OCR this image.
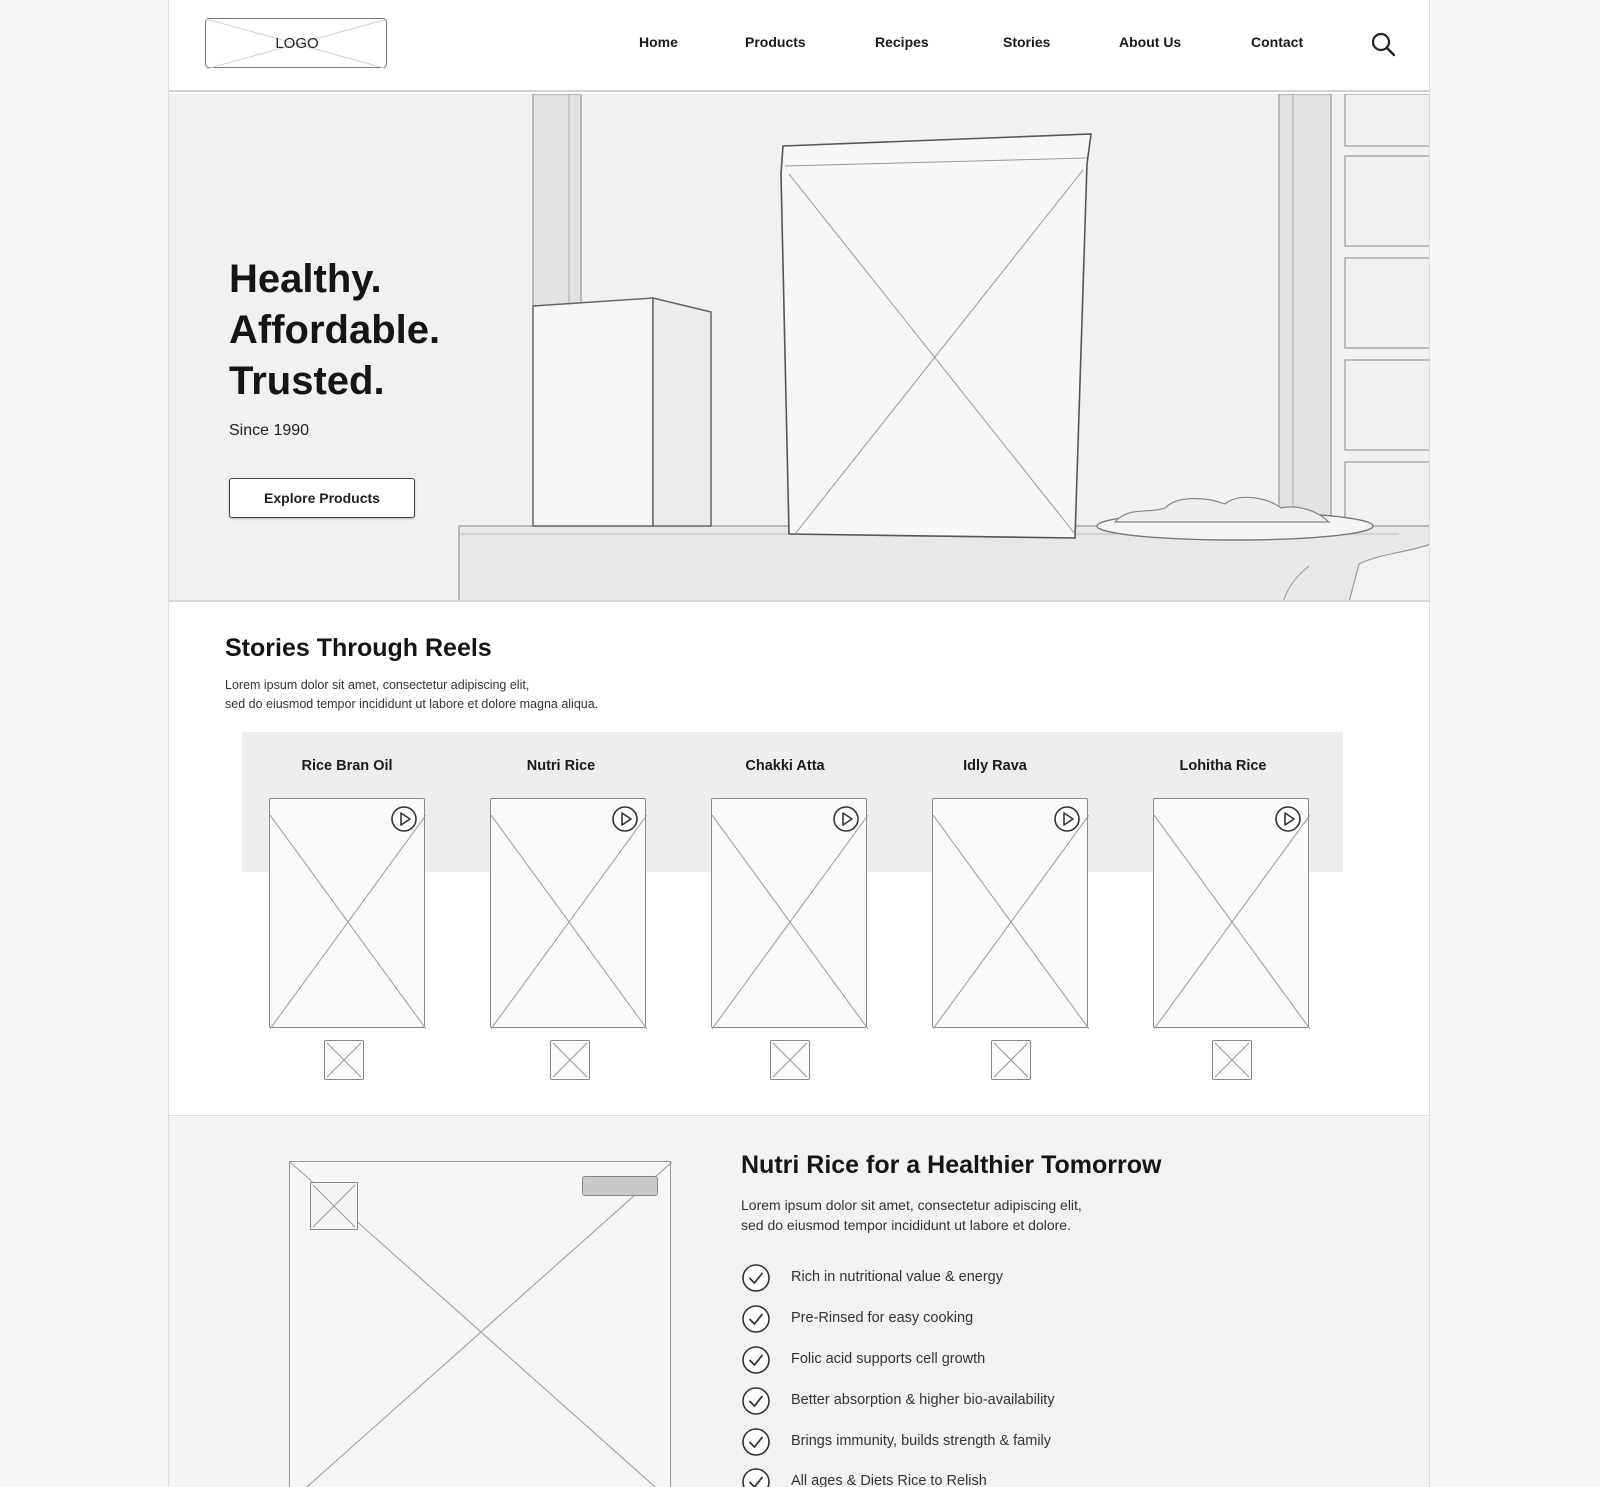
LOGO	Home	Products	Recipes	Stories	About Us	Contact
Healthy.
Affordable.
Trusted.
Since 1990
Explore Products
Stories Through Reels
Lorem ipsum dolor sit amet, consectetur adipiscing elit,
sed do eiusmod tempor incididunt ut labore et dolore magna aliqua.
Rice Bran Oil	Nutri Rice	Chakki Atta	Idly Rava	Lohitha Rice
Nutri Rice for a Healthier Tomorrow
Lorem ipsum dolor sit amet, consectetur adipiscing elit,
sed do eiusmod tempor incididunt ut labore et dolore.
Rich in nutritional value & energy
Pre-Rinsed for easy cooking
Folic acid supports cell growth
Better absorption & higher bio-availability
Brings immunity, builds strength & family
All ages & Diets Rice to Relish
